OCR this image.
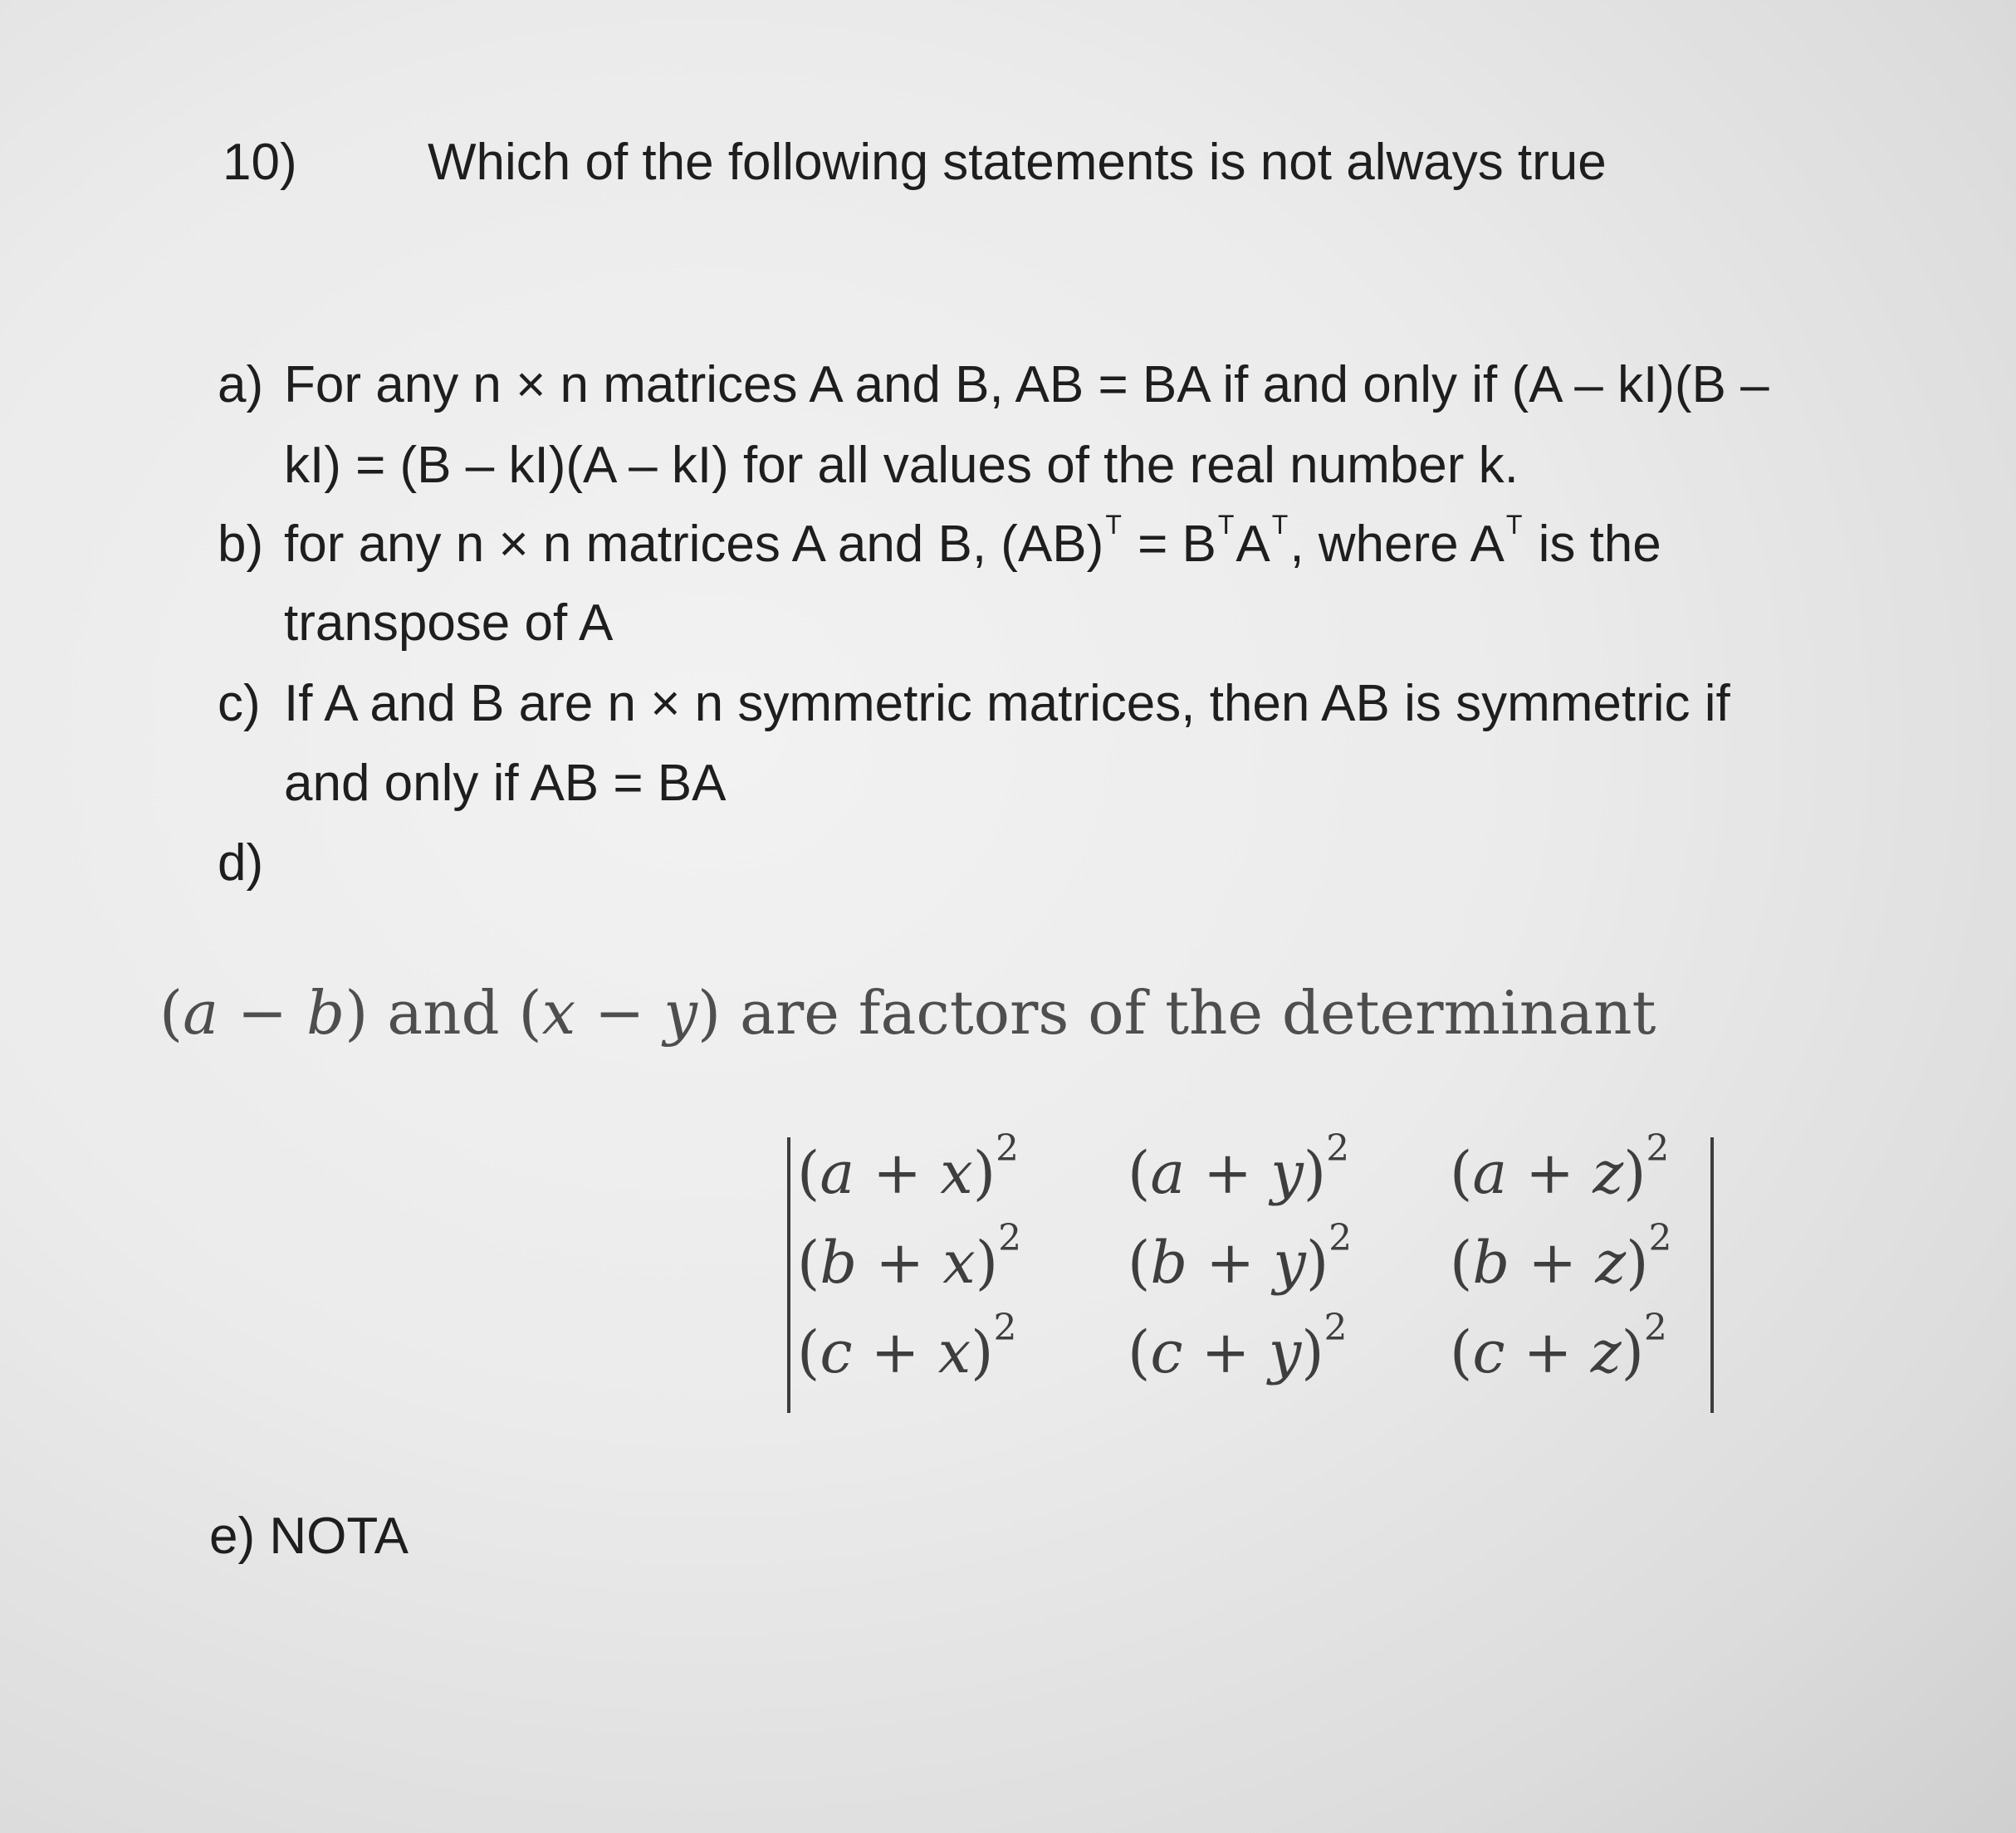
10)	Which of the following statements is not always true
a) For any n × n matrices A and B, AB = BA if and only if (A – kI)(B –
kI) = (B – kI)(A – kI) for all values of the real number k.
b) for any n × n matrices A and B, $(AB)^T = B^TA^T$, where $A^T$ is the
transpose of A
c) If A and B are n × n symmetric matrices, then AB is symmetric if
and only if AB = BA
d)
(a − b) and (x − y) are factors of the determinant
$(a + x)^2$ $(a + y)^2$ $(a + z)^2$
$(b + x)^2$ $(b + y)^2$ $(b + z)^2$
$(c + x)^2$ $(c + y)^2$ $(c + z)^2$
e) NOTA
